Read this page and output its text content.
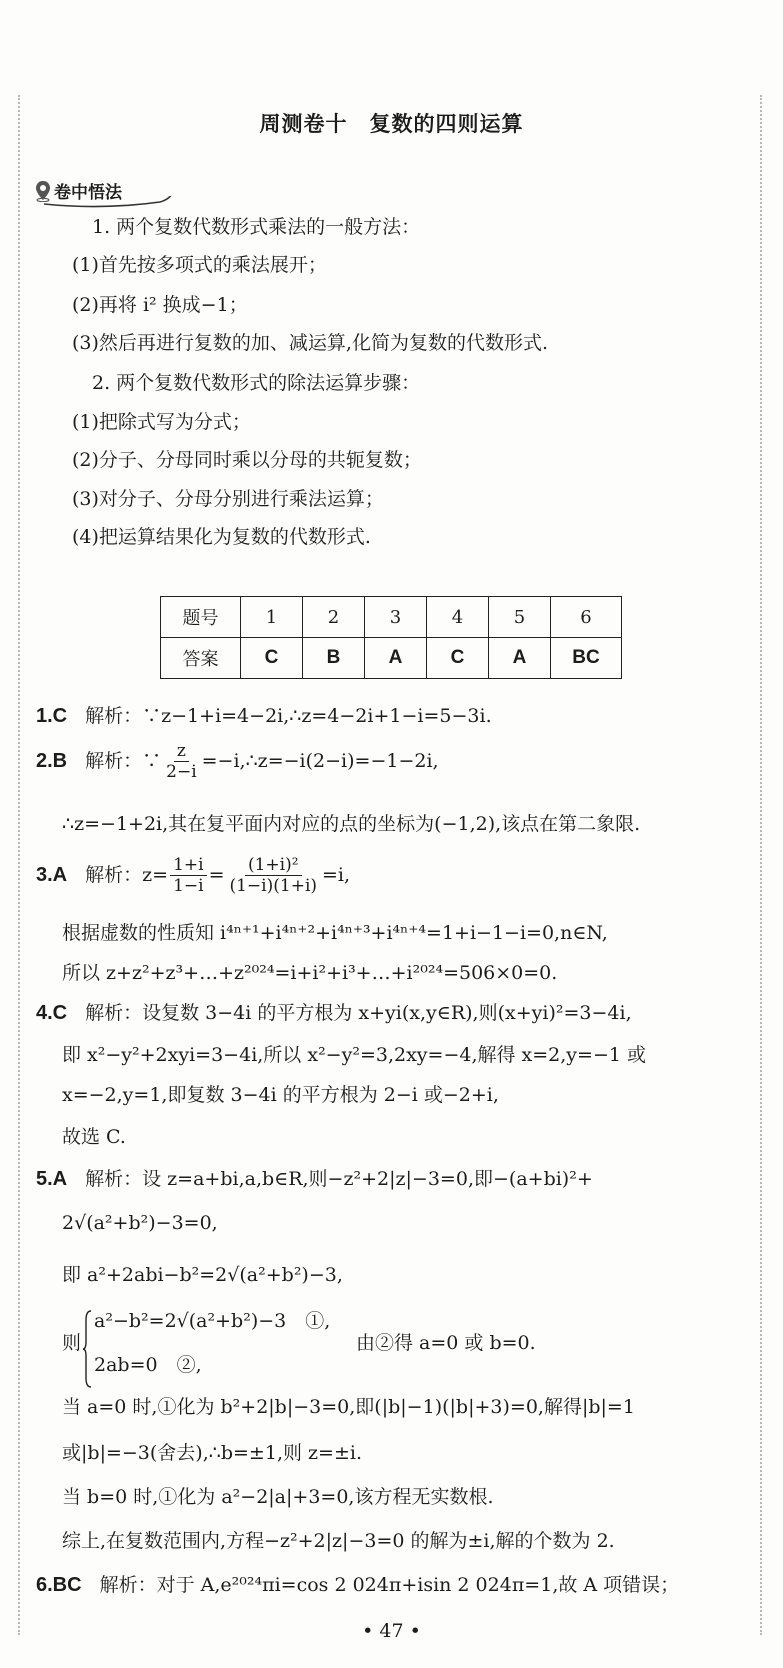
周测卷十 复数的四则运算
卷中悟法
1. 两个复数代数形式乘法的一般方法：
(1)首先按多项式的乘法展开；
(2)再将 i² 换成−1；
(3)然后再进行复数的加、减运算,化简为复数的代数形式.
2. 两个复数代数形式的除法运算步骤：
(1)把除式写为分式；
(2)分子、分母同时乘以分母的共轭复数；
(3)对分子、分母分别进行乘法运算；
(4)把运算结果化为复数的代数形式.
题号	1	2	3	4	5	6
答案	C	B	A	C	A	BC
1.C 解析：∵z−1+i=4−2i,∴z=4−2i+1−i=5−3i.
2.B 解析：∵ $\frac{z}{2-i}$ =−i,∴z=−i(2−i)=−1−2i,
∴z=−1+2i,其在复平面内对应的点的坐标为(−1,2),该点在第二象限.
3.A 解析：$z= \frac{1+i}{1-i} = \frac{\text{(1+i)²}}{(1-i)(1+i)} =i$,
根据虚数的性质知 i⁴ⁿ⁺¹+i⁴ⁿ⁺²+i⁴ⁿ⁺³+i⁴ⁿ⁺⁴=1+i−1−i=0,n∈N,
所以 z+z²+z³+…+z²⁰²⁴=i+i²+i³+…+i²⁰²⁴=506×0=0.
4.C 解析：设复数 3−4i 的平方根为 x+yi(x,y∈R),则(x+yi)²=3−4i,
即 x²−y²+2xyi=3−4i,所以 x²−y²=3,2xy=−4,解得 x=2,y=−1 或
x=−2,y=1,即复数 3−4i 的平方根为 2−i 或−2+i,
故选 C.
5.A 解析：设 z=a+bi,a,b∈R,则−z²+2|z|−3=0,即−(a+bi)²+
2√(a²+b²)−3=0,
即 a²+2abi−b²=2√(a²+b²)−3,
则
a²−b²=2√(a²+b²)−3　①,
2ab=0　②,
由②得 a=0 或 b=0.
当 a=0 时,①化为 b²+2|b|−3=0,即(|b|−1)(|b|+3)=0,解得|b|=1
或|b|=−3(舍去),∴b=±1,则 z=±i.
当 b=0 时,①化为 a²−2|a|+3=0,该方程无实数根.
综上,在复数范围内,方程−z²+2|z|−3=0 的解为±i,解的个数为 2.
6.BC 解析：对于 A,e²⁰²⁴πi=cos 2 024π+isin 2 024π=1,故 A 项错误；
• 47 •
